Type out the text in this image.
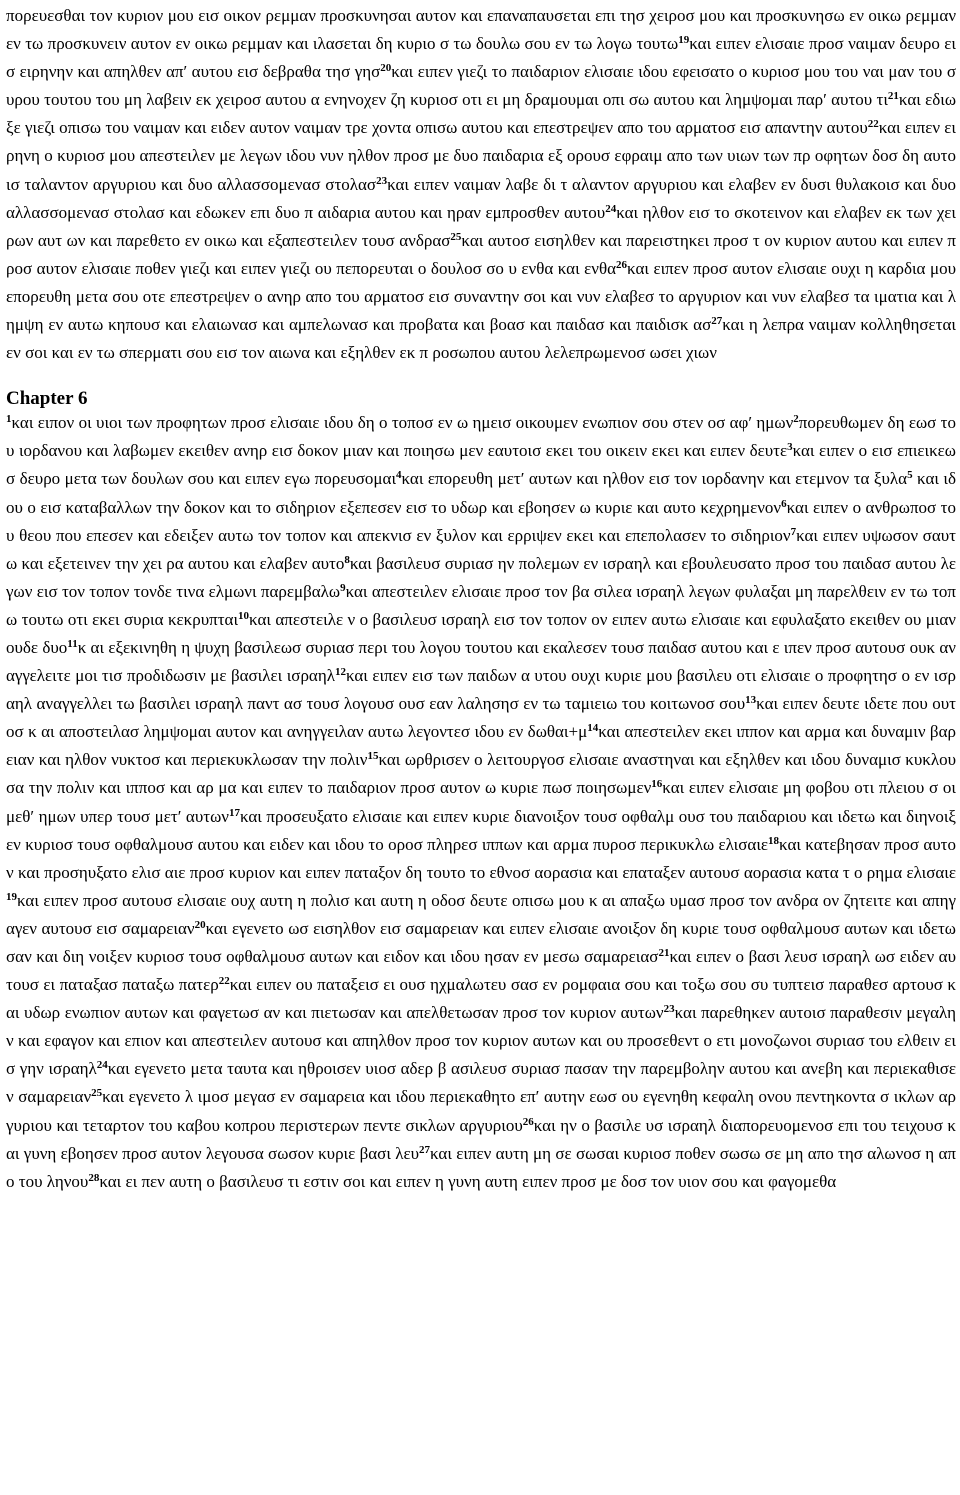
πορευεσθαι τον κυριον μου εισ οικον ρεμμαν προσκυνησαι αυτον και επαναπαυσεται επι τησ χειροσ μου και προσκυνησω εν οικω ρεμμαν εν τω προσκυνειν αυτον εν οικω ρεμμαν και ιλασεται δη κυριο σ τω δουλω σου εν τω λογω τουτω$^{19}$και ειπεν ελισαιε προσ ναιμαν δευρο εισ ειρηνην και απηλθεν απ′ αυτου εισ δεβραθα τησ γησ$^{20}$και ειπεν γιεζι το παιδαριον ελισαιε ιδου εφεισατο ο κυριοσ μου του ναι μαν του συρου τουτου του μη λαβειν εκ χειροσ αυτου α ενηνοχεν ζη κυριοσ οτι ει μη δραμουμαι οπι σω αυτου και λημψομαι παρ′ αυτου $\tau\iota^{21}\kappa\alpha\iota$ εδιωξε γιεζι οπισω του ναιμαν και ειδεν αυτον ναιμαν τρε χοντα οπισω αυτου και επεστρεψεν απο του αρματοσ εισ απαντην αυτου$^{22}$και ειπεν ειρηνη ο κυριοσ μου απεστειλεν με λεγων ιδου νυν ηλθον προσ με δυο παιδαρια εξ ορουσ εφραιμ απο των υιων των πρ οφητων δοσ δη αυτοισ ταλαντον αργυριου και δυο αλλασσομενασ στολασ$^{23}$και ειπεν ναιμαν λαβε δι τ αλαντον αργυριου και ελαβεν εν δυσι θυλακοισ και δυο αλλασσομενασ στολασ και εδωκεν επι δυο π αιδαρια αυτου και ηραν εμπροσθεν αυτου$^{24}$και ηλθον εισ το σκοτεινον και ελαβεν εκ των χειρων αυτ ων και παρεθετο εν οικω και εξαπεστειλεν τουσ ανδρασ$^{25}$και αυτοσ εισηλθεν και παρειστηκει προσ τ ον κυριον αυτου και ειπεν προσ αυτον ελισαιε ποθεν γιεζι και ειπεν γιεζι ου πεπορευται ο δουλοσ σο υ ενθα και ενθα$^{26}$και ειπεν προσ αυτον ελισαιε ουχι η καρδια μου επορευθη μετα σου οτε επεστρεψεν ο ανηρ απο του αρματοσ εισ συναντην σοι και νυν ελαβεσ το αργυριον και νυν ελαβεσ τα ιματια και λημψη εν αυτω κηπουσ και ελαιωνασ και αμπελωνασ και προβατα και βοασ και παιδασ και παιδισκ $\alpha\sigma^{27}\kappa\alpha\iota$ η λεπρα ναιμαν κολληθησεται εν σοι και εν τω σπερματι σου εισ τον αιωνα και εξηλθεν εκ π ροσωπου αυτου λελεπρωμενοσ ωσει χιων

Chapter 6

$^1$και ειπον οι υιοι των προφητων προσ ελισαιε ιδου δη ο τοποσ εν ω ημεισ οικουμεν ενωπιον σου στεν οσ αφ′ ημων$^2$πορευθωμεν δη εωσ του ιορδανου και λαβωμεν εκειθεν ανηρ εισ δοκον μιαν και ποιησω μεν εαυτοισ εκει του οικειν εκει και ειπεν δευτε$^3$και ειπεν ο εισ επιεικεωσ δευρο μετα των δουλων σου και ειπεν εγω πορευσομαι$^4$και επορευθη μετ′ αυτων και ηλθον εισ τον ιορδανην και ετεμνον τα ξυλα$^5$ και ιδου ο εισ καταβαλλων την δοκον και το σιδηριον εξεπεσεν εισ το υδωρ και εβοησεν ω κυριε και αυτο κεχρημενον$^6$και ειπεν ο ανθρωποσ του θεου που επεσεν και εδειξεν αυτω τον τοπον και απεκνισ εν ξυλον και ερριψεν εκει και επεπολασεν το σιδηριον$^7$και ειπεν υψωσον σαυτω και εξετεινεν την χει ρα αυτου και ελαβεν αυτο$^8$και βασιλευσ συριασ ην πολεμων εν ισραηλ και εβουλευσατο προσ του παιδασ αυτου λεγων εισ τον τοπον τονδε τινα ελμωνι παρεμβαλω$^9$και απεστειλεν ελισαιε προσ τον βα σιλεα ισραηλ λεγων φυλαξαι μη παρελθειν εν τω τοπω τουτω οτι εκει συρια κεκρυπται$^{10}$και απεστειλε ν ο βασιλευσ ισραηλ εισ τον τοπον ον ειπεν αυτω ελισαιε και εφυλαξατο εκειθεν ου μιαν ουδε δυο$^{11}$κ αι εξεκινηθη η ψυχη βασιλεωσ συριασ περι του λογου τουτου και εκαλεσεν τουσ παιδασ αυτου και ε ιπεν προσ αυτουσ ουκ αναγγελειτε μοι τισ προδιδωσιν με βασιλει ισραηλ$^{12}$και ειπεν εισ των παιδων α υτου ουχι κυριε μου βασιλευ οτι ελισαιε ο προφητησ ο εν ισραηλ αναγγελλει τω βασιλει ισραηλ παντ ασ τουσ λογουσ ουσ εαν λαλησησ εν τω ταμιειω του κοιτωνοσ σου$^{13}$και ειπεν δευτε ιδετε που ουτοσ κ αι αποστειλασ λημψομαι αυτον και ανηγγειλαν αυτω λεγοντεσ ιδου εν $\delta\omega\theta\alpha\iota+\mu^{14}\kappa\alpha\iota$ απεστειλεν εκει ιππον και αρμα και δυναμιν βαρειαν και ηλθον νυκτοσ και περιεκυκλωσαν την πολιν$^{15}$και ωρθρισεν ο λειτουργοσ ελισαιε αναστηναι και εξηλθεν και ιδου δυναμισ κυκλουσα την πολιν και ιπποσ και αρ μα και ειπεν το παιδαριον προσ αυτον ω κυριε πωσ ποιησωμεν$^{16}$και ειπεν ελισαιε μη φοβου οτι πλειου σ οι μεθ′ ημων υπερ τουσ μετ′ αυτων$^{17}$και προσευξατο ελισαιε και ειπεν κυριε διανοιξον τουσ οφθαλμ ουσ του παιδαριου και ιδετω και διηνοιξεν κυριοσ τουσ οφθαλμουσ αυτου και ειδεν και ιδου το οροσ πληρεσ ιππων και αρμα πυροσ περικυκλω ελισαιε$^{18}$και κατεβησαν προσ αυτον και προσηυξατο ελισ αιε προσ κυριον και ειπεν παταξον δη τουτο το εθνοσ αορασια και επαταξεν αυτουσ αορασια κατα τ ο ρημα ελισαιε$^{19}$και ειπεν προσ αυτουσ ελισαιε ουχ αυτη η πολισ και αυτη η οδοσ δευτε οπισω μου κ αι απαξω υμασ προσ τον ανδρα ον ζητειτε και απηγαγεν αυτουσ εισ σαμαρειαν$^{20}$και εγενετο ωσ εισηλθον εισ σαμαρειαν και ειπεν ελισαιε ανοιξον δη κυριε τουσ οφθαλμουσ αυτων και ιδετωσαν και διη νοιξεν κυριοσ τουσ οφθαλμουσ αυτων και ειδον και ιδου ησαν εν μεσω σαμαρειασ$^{21}$και ειπεν ο βασι λευσ ισραηλ ωσ ειδεν αυτουσ ει παταξασ παταξω πατερ$^{22}$και ειπεν ου παταξεισ ει ουσ ηχμαλωτευ σασ εν ρομφαια σου και τοξω σου συ τυπτεισ παραθεσ αρτουσ και υδωρ ενωπιον αυτων και φαγετωσ αν και πιετωσαν και απελθετωσαν προσ τον κυριον αυτων$^{23}$και παρεθηκεν αυτοισ παραθεσιν μεγαλη ν και εφαγον και επιον και απεστειλεν αυτουσ και απηλθον προσ τον κυριον αυτων και ου προσεθεντ ο ετι μονοζωνοι συριασ του ελθειν εισ γην ισραηλ$^{24}$και εγενετο μετα ταυτα και ηθροισεν υιοσ αδερ β ασιλευσ συριασ πασαν την παρεμβολην αυτου και ανεβη και περιεκαθισεν σαμαρειαν$^{25}$και εγενετο λ ιμοσ μεγασ εν σαμαρεια και ιδου περιεκαθητο επ′ αυτην εωσ ου εγενηθη κεφαλη ονου πεντηκοντα σ ικλων αργυριου και τεταρτον του καβου κοπρου περιστερων πεντε σικλων αργυριου$^{26}$και ην ο βασιλε υσ ισραηλ διαπορευομενοσ επι του τειχουσ και γυνη εβοησεν προσ αυτον λεγουσα σωσον κυριε βασι λευ$^{27}$και ειπεν αυτη μη σε σωσαι κυριοσ ποθεν σωσω σε μη απο τησ αλωνοσ η απο του ληνου$^{28}$και ει πεν αυτη ο βασιλευσ τι εστιν σοι και ειπεν η γυνη αυτη ειπεν προσ με δοσ τον υιον σου και φαγομεθα
